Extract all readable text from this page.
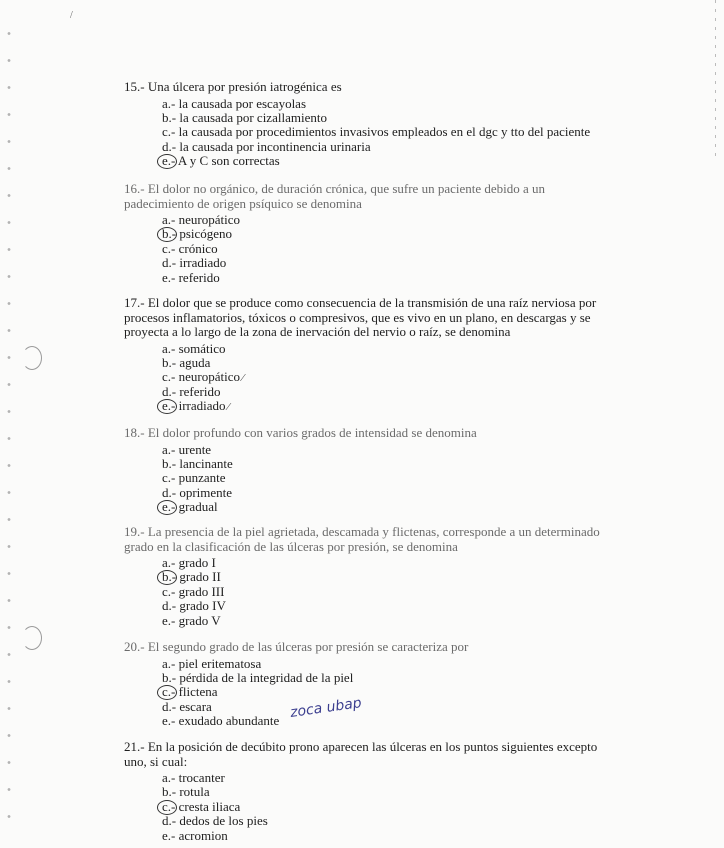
/

15.- Una úlcera por presión iatrogénica es

a.- la causada por escayolas
b.- la causada por cizallamiento
c.- la causada por procedimientos invasivos empleados en el dgc y tto del paciente
d.- la causada por incontinencia urinaria
e.- A y C son correctas

16.- El dolor no orgánico, de duración crónica, que sufre un paciente debido a un padecimiento de origen psíquico se denomina

a.- neuropático
b.- psicógeno
c.- crónico
d.- irradiado
e.- referido

17.- El dolor que se produce como consecuencia de la transmisión de una raíz nerviosa por procesos inflamatorios, tóxicos o compresivos, que es vivo en un plano, en descargas y se proyecta a lo largo de la zona de inervación del nervio o raíz, se denomina

a.- somático
b.- aguda
c.- neuropático ⁄
d.- referido
e.- irradiado ⁄

18.- El dolor profundo con varios grados de intensidad se denomina

a.- urente
b.- lancinante
c.- punzante
d.- oprimente
e.- gradual

19.- La presencia de la piel agrietada, descamada y flictenas, corresponde a un determinado grado en la clasificación de las úlceras por presión, se denomina

a.- grado I
b.- grado II
c.- grado III
d.- grado IV
e.- grado V

20.- El segundo grado de las úlceras por presión se caracteriza por

a.- piel eritematosa
b.- pérdida de la integridad de la piel
c.- flictena
d.- escara
e.- exudado abundante zoca ubap

21.- En la posición de decúbito prono aparecen las úlceras en los puntos siguientes excepto uno, si cual:

a.- trocanter
b.- rotula
c.- cresta iliaca
d.- dedos de los pies
e.- acromion
